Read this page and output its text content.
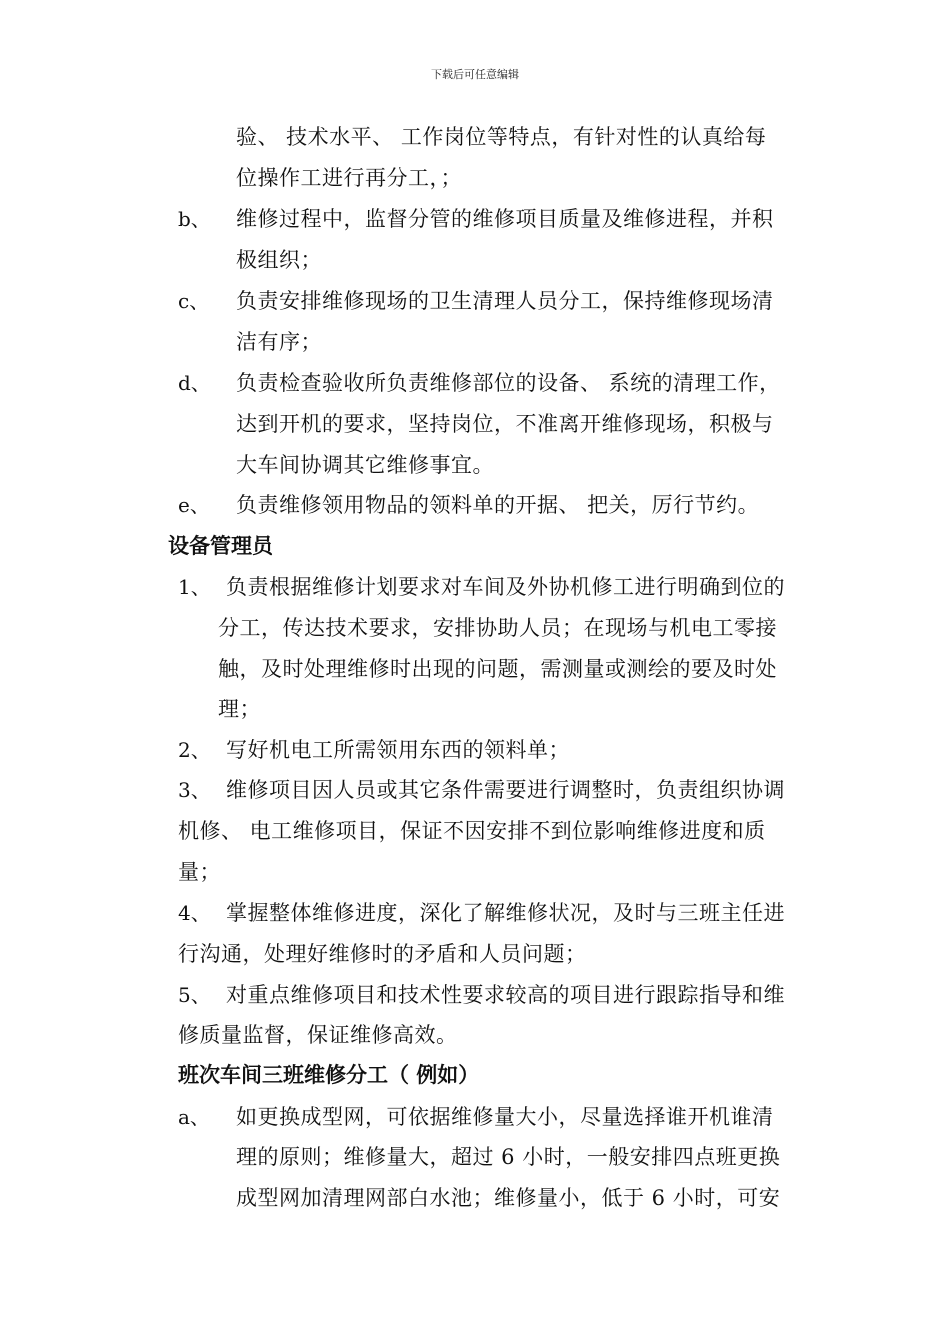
下载后可任意编辑
验、 技术水平、 工作岗位等特点，有针对性的认真给每
位操作工进行再分工，；
b、 维修过程中，监督分管的维修项目质量及维修进程，并积
极组织；
c、 负责安排维修现场的卫生清理人员分工，保持维修现场清
洁有序；
d、 负责检查验收所负责维修部位的设备、 系统的清理工作，
达到开机的要求，坚持岗位，不准离开维修现场，积极与
大车间协调其它维修事宜。
e、 负责维修领用物品的领料单的开据、 把关，厉行节约。
设备管理员
1、 负责根据维修计划要求对车间及外协机修工进行明确到位的
分工，传达技术要求，安排协助人员；在现场与机电工零接
触，及时处理维修时出现的问题，需测量或测绘的要及时处
理；
2、 写好机电工所需领用东西的领料单；
3、 维修项目因人员或其它条件需要进行调整时，负责组织协调
机修、 电工维修项目，保证不因安排不到位影响维修进度和质
量；
4、 掌握整体维修进度，深化了解维修状况，及时与三班主任进
行沟通，处理好维修时的矛盾和人员问题；
5、 对重点维修项目和技术性要求较高的项目进行跟踪指导和维
修质量监督，保证维修高效。
班次车间三班维修分工（ 例如）
a、 如更换成型网，可依据维修量大小，尽量选择谁开机谁清
理的原则；维修量大，超过 6 小时，一般安排四点班更换
成型网加清理网部白水池；维修量小，低于 6 小时，可安
